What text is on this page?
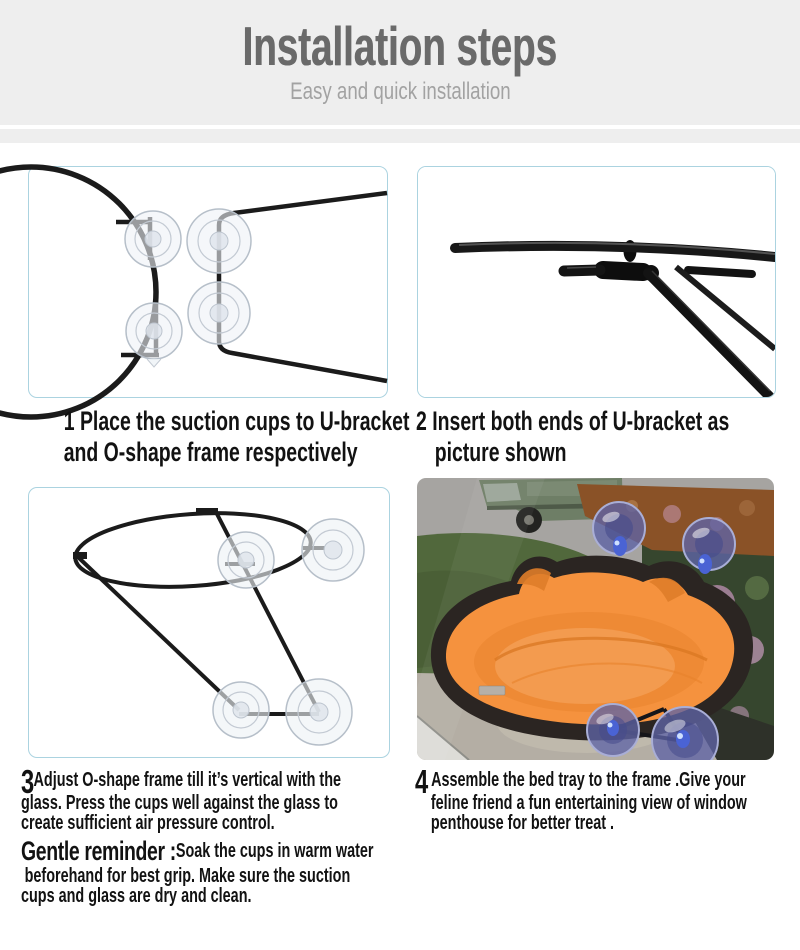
Installation steps
Easy and quick installation
1 Place the suction cups to U-bracket
and O-shape frame respectively
2 Insert both ends of U-bracket as
picture shown
3Adjust O-shape frame till it’s vertical with the
glass. Press the cups well against the glass to
create sufficient air pressure control.
Gentle reminder :Soak the cups in warm water
beforehand for best grip. Make sure the suction
cups and glass are dry and clean.
4 Assemble the bed tray to the frame .Give your
feline friend a fun entertaining view of window
penthouse for better treat .
